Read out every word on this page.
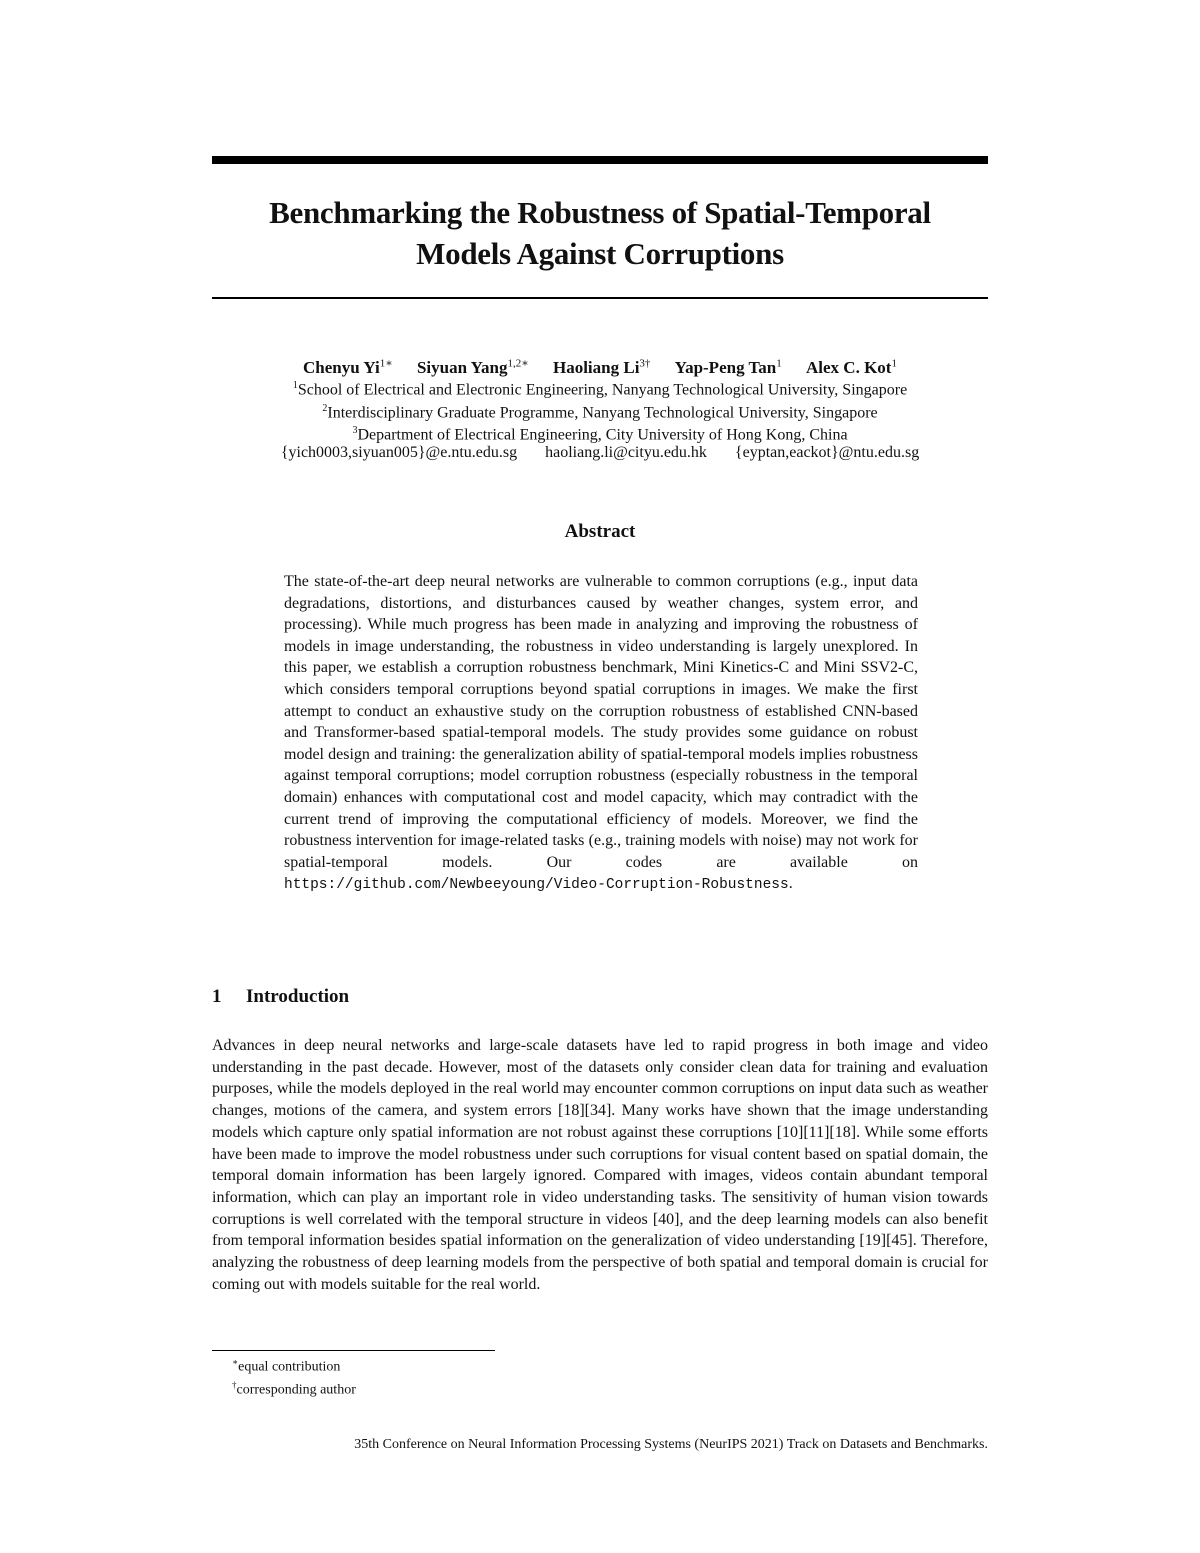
Benchmarking the Robustness of Spatial-Temporal
Models Against Corruptions
Chenyu $Yi^{1∗}$ Siyuan Yang$^{1,2∗}$ Haoliang $Li^{3\dagger}$ Yap-Peng Tan$^1$ Alex C. Kot$^1$
$^1$School of Electrical and Electronic Engineering, Nanyang Technological University, Singapore
$^2$Interdisciplinary Graduate Programme, Nanyang Technological University, Singapore
$^3$Department of Electrical Engineering, City University of Hong Kong, China
{yich0003,siyuan005}@e.ntu.edu.sg haoliang.li@cityu.edu.hk {eyptan,eackot}@ntu.edu.sg
Abstract
The state-of-the-art deep neural networks are vulnerable to common corruptions (e.g., input data degradations, distortions, and disturbances caused by weather changes, system error, and processing). While much progress has been made in analyzing and improving the robustness of models in image understanding, the robustness in video understanding is largely unexplored. In this paper, we establish a corruption robustness benchmark, Mini Kinetics-C and Mini SSV2-C, which considers temporal corruptions beyond spatial corruptions in images. We make the first attempt to conduct an exhaustive study on the corruption robustness of established CNN-based and Transformer-based spatial-temporal models. The study provides some guidance on robust model design and training: the generalization ability of spatial-temporal models implies robustness against temporal corruptions; model corruption robustness (especially robustness in the temporal domain) enhances with computational cost and model capacity, which may contradict with the current trend of improving the computational efficiency of models. Moreover, we find the robustness intervention for image-related tasks (e.g., training models with noise) may not work for spatial-temporal models. Our codes are available on https://github.com/Newbeeyoung/Video-Corruption-Robustness.
1 Introduction
Advances in deep neural networks and large-scale datasets have led to rapid progress in both image and video understanding in the past decade. However, most of the datasets only consider clean data for training and evaluation purposes, while the models deployed in the real world may encounter common corruptions on input data such as weather changes, motions of the camera, and system errors [18][34]. Many works have shown that the image understanding models which capture only spatial information are not robust against these corruptions [10][11][18]. While some efforts have been made to improve the model robustness under such corruptions for visual content based on spatial domain, the temporal domain information has been largely ignored. Compared with images, videos contain abundant temporal information, which can play an important role in video understanding tasks. The sensitivity of human vision towards corruptions is well correlated with the temporal structure in videos [40], and the deep learning models can also benefit from temporal information besides spatial information on the generalization of video understanding [19][45]. Therefore, analyzing the robustness of deep learning models from the perspective of both spatial and temporal domain is crucial for coming out with models suitable for the real world.
∗equal contribution
†corresponding author
35th Conference on Neural Information Processing Systems (NeurIPS 2021) Track on Datasets and Benchmarks.
